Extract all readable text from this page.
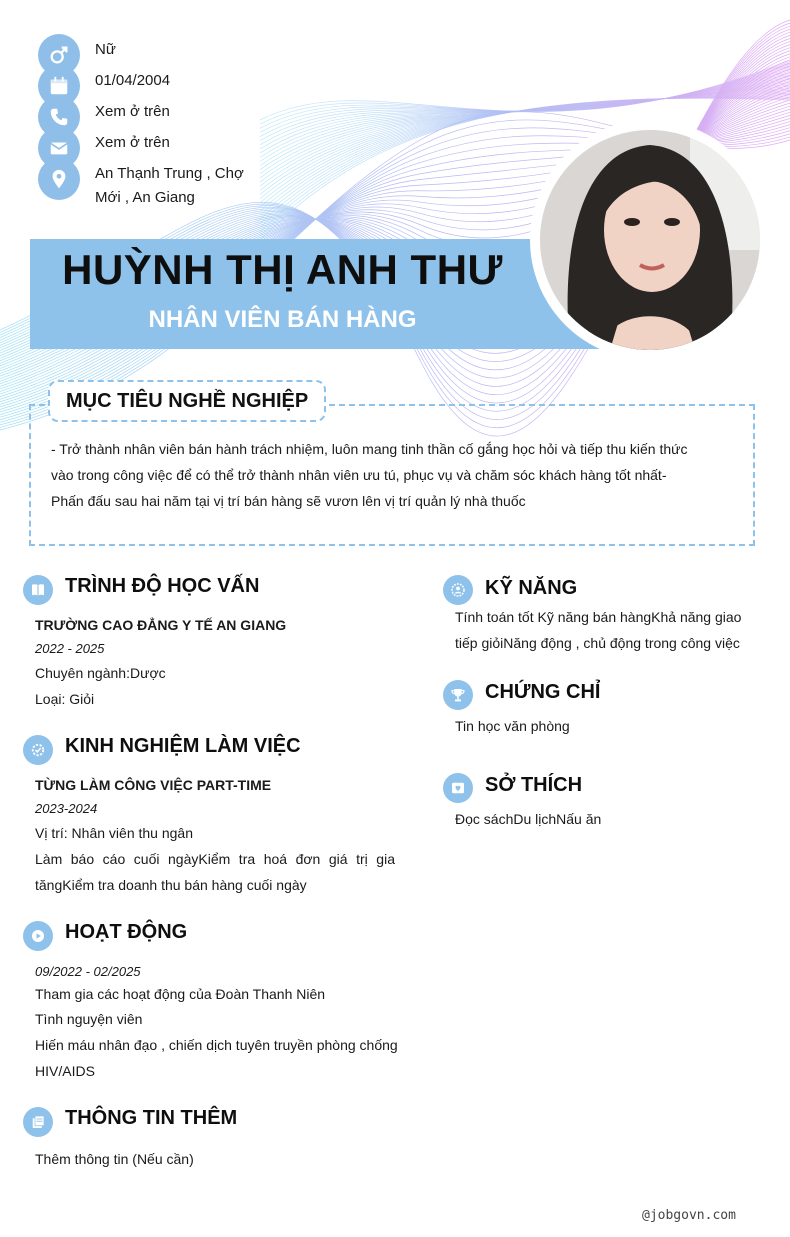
Nữ
01/04/2004
Xem ở trên
Xem ở trên
An Thạnh Trung , Chợ
Mới , An Giang
HUỲNH THỊ ANH THƯ
NHÂN VIÊN BÁN HÀNG
MỤC TIÊU NGHỀ NGHIỆP
- Trở thành nhân viên bán hành trách nhiệm, luôn mang tinh thần cố gắng học hỏi và tiếp thu kiến thức
vào trong công việc để có thể trở thành nhân viên ưu tú, phục vụ và chăm sóc khách hàng tốt nhất-
Phấn đấu sau hai năm tại vị trí bán hàng sẽ vươn lên vị trí quản lý nhà thuốc
TRÌNH ĐỘ HỌC VẤN
TRƯỜNG CAO ĐẲNG Y TẾ AN GIANG
2022 - 2025
Chuyên ngành:Dược
Loại: Giỏi
KINH NGHIỆM LÀM VIỆC
TỪNG LÀM CÔNG VIỆC PART-TIME
2023-2024
Vị trí: Nhân viên thu ngân
Làm báo cáo cuối ngàyKiểm tra hoá đơn giá trị gia tăngKiểm tra doanh thu bán hàng cuối ngày
HOẠT ĐỘNG
09/2022 - 02/2025
Tham gia các hoạt động của Đoàn Thanh Niên
Tình nguyện viên
Hiến máu nhân đạo , chiến dịch tuyên truyền phòng chống HIV/AIDS
THÔNG TIN THÊM
Thêm thông tin (Nếu cần)
KỸ NĂNG
Tính toán tốt Kỹ năng bán hàngKhả năng giao
tiếp giỏiNăng động , chủ động trong công việc
CHỨNG CHỈ
Tin học văn phòng
SỞ THÍCH
Đọc sáchDu lịchNấu ăn
@jobgovn.com
